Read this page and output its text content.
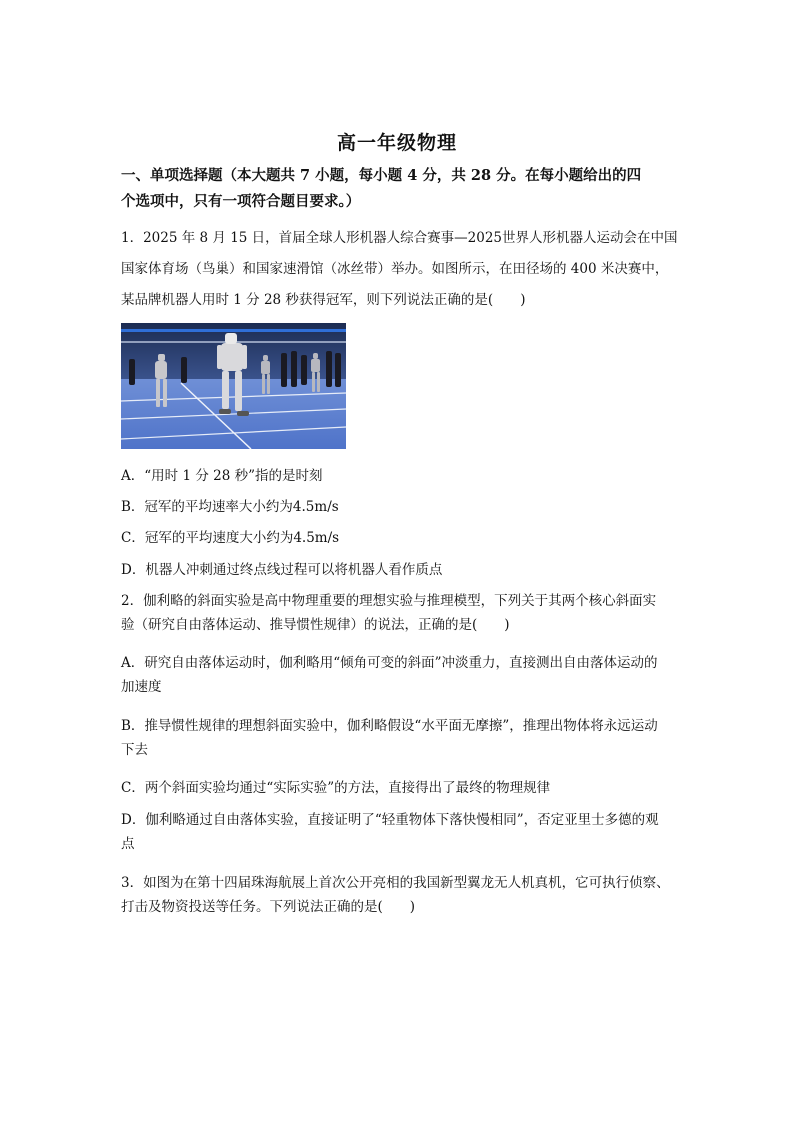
高一年级物理
一、单项选择题（本大题共 7 小题，每小题 4 分，共 28 分。在每小题给出的四
个选项中，只有一项符合题目要求。）
1．2025 年 8 月 15 日，首届全球人形机器人综合赛事—2025世界人形机器人运动会在中国
国家体育场（鸟巢）和国家速滑馆（冰丝带）举办。如图所示，在田径场的 400 米决赛中，
某品牌机器人用时 1 分 28 秒获得冠军，则下列说法正确的是(　　)
A．“用时 1 分 28 秒”指的是时刻
B．冠军的平均速率大小约为4.5m/s
C．冠军的平均速度大小约为4.5m/s
D．机器人冲刺通过终点线过程可以将机器人看作质点
2．伽利略的斜面实验是高中物理重要的理想实验与推理模型，下列关于其两个核心斜面实
验（研究自由落体运动、推导惯性规律）的说法，正确的是(　　)
A．研究自由落体运动时，伽利略用“倾角可变的斜面”冲淡重力，直接测出自由落体运动的
加速度
B．推导惯性规律的理想斜面实验中，伽利略假设“水平面无摩擦”，推理出物体将永远运动
下去
C．两个斜面实验均通过“实际实验”的方法，直接得出了最终的物理规律
D．伽利略通过自由落体实验，直接证明了“轻重物体下落快慢相同”，否定亚里士多德的观
点
3．如图为在第十四届珠海航展上首次公开亮相的我国新型翼龙无人机真机，它可执行侦察、
打击及物资投送等任务。下列说法正确的是(　　)
